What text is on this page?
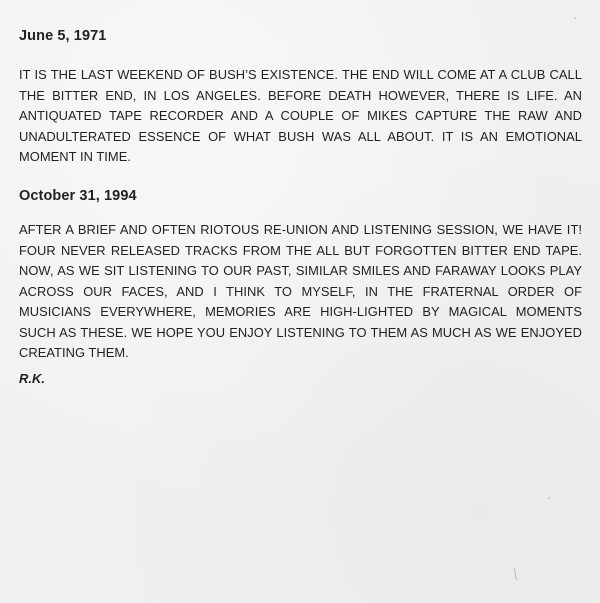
June 5, 1971

IT IS THE LAST WEEKEND OF BUSH’S EXISTENCE. THE END WILL COME AT A CLUB CALL THE BITTER END, IN LOS ANGELES. BEFORE DEATH HOWEVER, THERE IS LIFE. AN ANTIQUATED TAPE RECORDER AND A COUPLE OF MIKES CAPTURE THE RAW AND UNADULTERATED ESSENCE OF WHAT BUSH WAS ALL ABOUT. IT IS AN EMOTIONAL MOMENT IN TIME.

October 31, 1994

AFTER A BRIEF AND OFTEN RIOTOUS RE-UNION AND LISTENING SESSION, WE HAVE IT! FOUR NEVER RELEASED TRACKS FROM THE ALL BUT FORGOTTEN BITTER END TAPE. NOW, AS WE SIT LISTENING TO OUR PAST, SIMILAR SMILES AND FARAWAY LOOKS PLAY ACROSS OUR FACES, AND I THINK TO MYSELF, IN THE FRATERNAL ORDER OF MUSICIANS EVERYWHERE, MEMORIES ARE HIGH-LIGHTED BY MAGICAL MOMENTS SUCH AS THESE. WE HOPE YOU ENJOY LISTENING TO THEM AS MUCH AS WE ENJOYED CREATING THEM.

R.K.
